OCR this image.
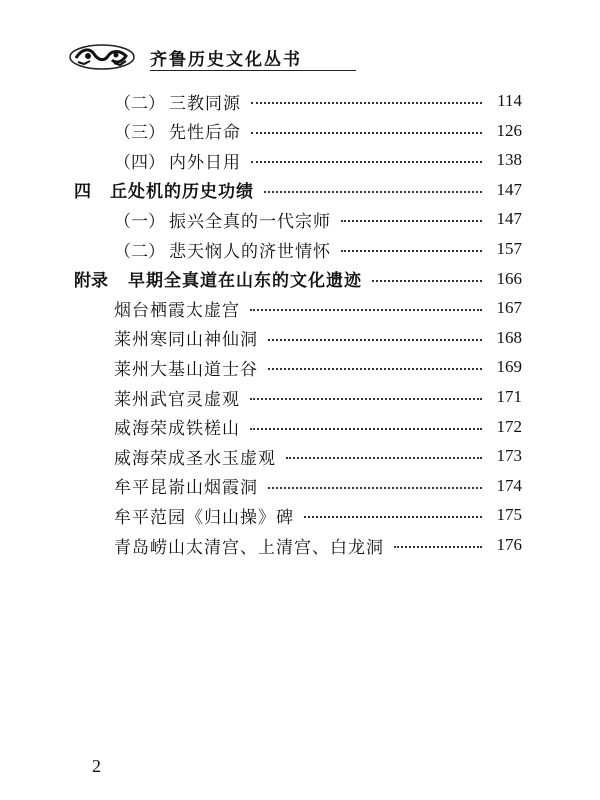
齐鲁历史文化丛书
（二） 三教同源	114
（三） 先性后命	126
（四） 内外日用	138
四	丘处机的历史功绩	147
（一） 振兴全真的一代宗师	147
（二） 悲天悯人的济世情怀	157
附录	早期全真道在山东的文化遗迹	166
烟台栖霞太虚宫	167
莱州寒同山神仙洞	168
莱州大基山道士谷	169
莱州武官灵虚观	171
威海荣成铁槎山	172
威海荣成圣水玉虚观	173
牟平昆嵛山烟霞洞	174
牟平范园《归山操》碑	175
青岛崂山太清宫、上清宫、白龙洞	176
2
